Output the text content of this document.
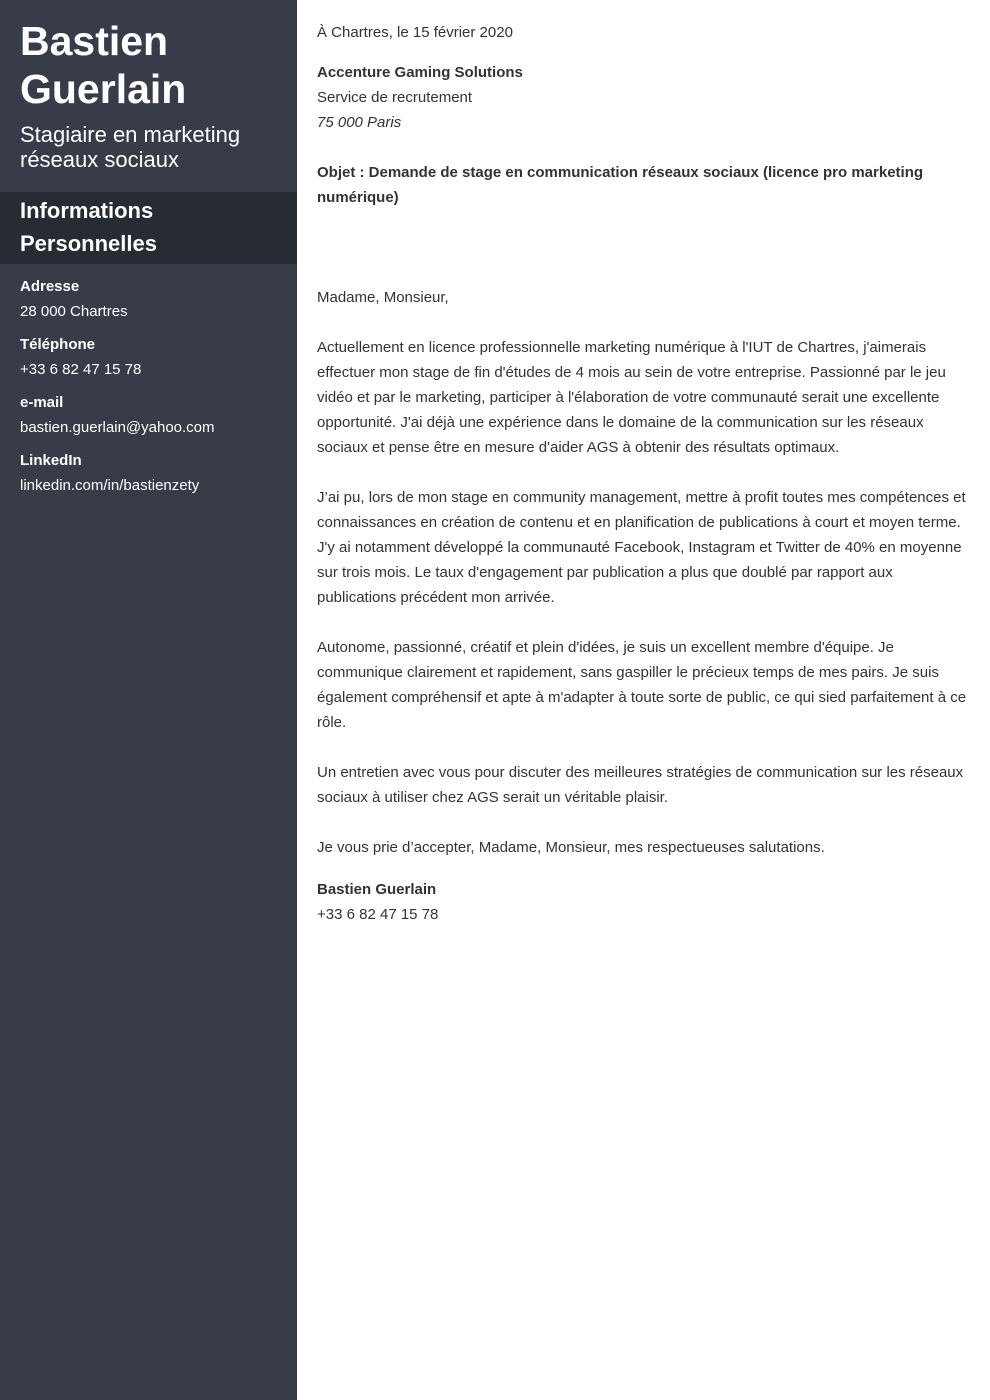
Bastien
Guerlain
Stagiaire en marketing réseaux sociaux
Informations
Personnelles
Adresse
28 000 Chartres
Téléphone
+33 6 82 47 15 78
e-mail
bastien.guerlain@yahoo.com
LinkedIn
linkedin.com/in/bastienzety
À Chartres, le 15 février 2020
Accenture Gaming Solutions
Service de recrutement
75 000 Paris
Objet : Demande de stage en communication réseaux sociaux (licence pro marketing numérique)
Madame, Monsieur,

Actuellement en licence professionnelle marketing numérique à l'IUT de Chartres, j'aimerais effectuer mon stage de fin d'études de 4 mois au sein de votre entreprise. Passionné par le jeu vidéo et par le marketing, participer à l'élaboration de votre communauté serait une excellente opportunité. J'ai déjà une expérience dans le domaine de la communication sur les réseaux sociaux et pense être en mesure d'aider AGS à obtenir des résultats optimaux.

J’ai pu, lors de mon stage en community management, mettre à profit toutes mes compétences et connaissances en création de contenu et en planification de publications à court et moyen terme. J'y ai notamment développé la communauté Facebook, Instagram et Twitter de 40% en moyenne sur trois mois. Le taux d'engagement par publication a plus que doublé par rapport aux publications précédent mon arrivée.

Autonome, passionné, créatif et plein d'idées, je suis un excellent membre d'équipe. Je communique clairement et rapidement, sans gaspiller le précieux temps de mes pairs. Je suis également compréhensif et apte à m'adapter à toute sorte de public, ce qui sied parfaitement à ce rôle.

Un entretien avec vous pour discuter des meilleures stratégies de communication sur les réseaux sociaux à utiliser chez AGS serait un véritable plaisir.

Je vous prie d’accepter, Madame, Monsieur, mes respectueuses salutations.

Bastien Guerlain
+33 6 82 47 15 78
